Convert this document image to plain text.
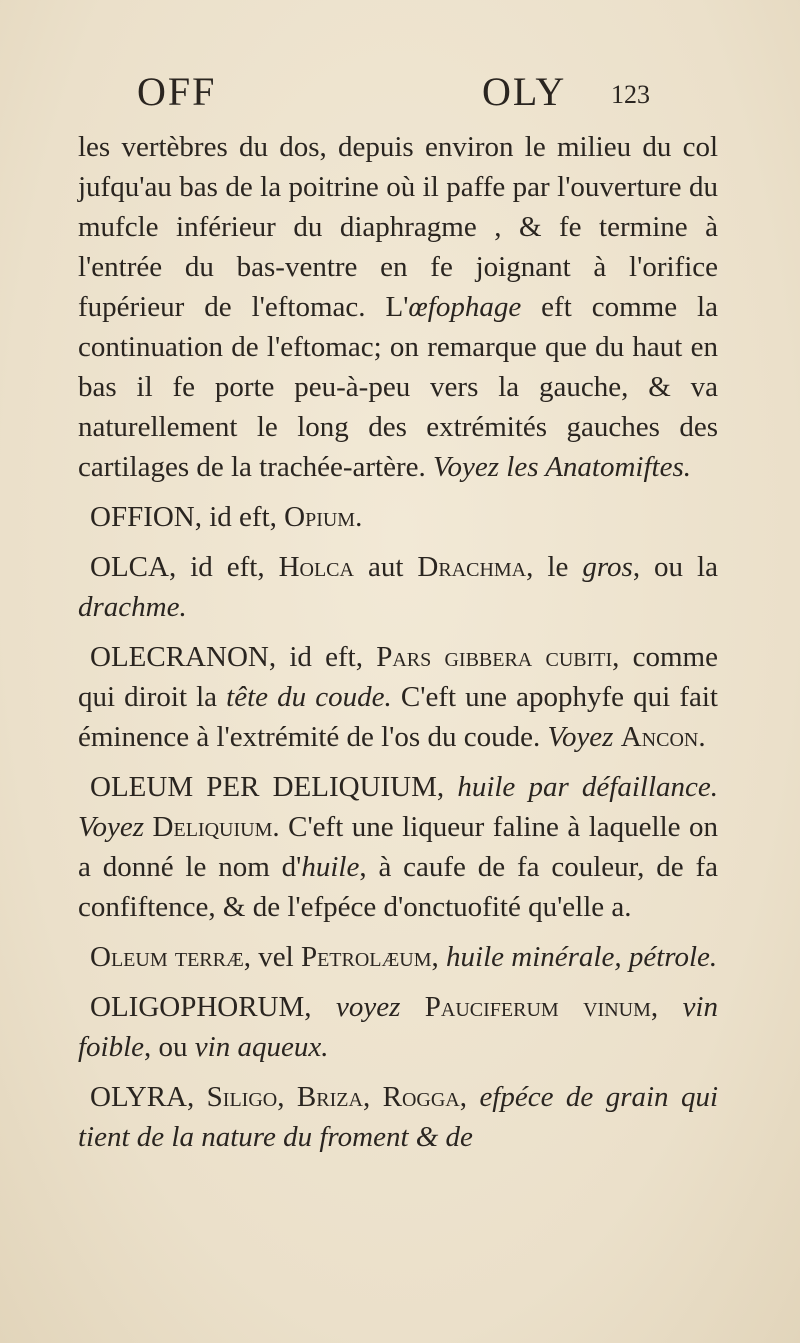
OFF	OLY 123

les vertèbres du dos, depuis environ le milieu du col jufqu'au bas de la poitrine où il paffe par l'ouverture du mufcle inférieur du diaphragme , & fe termine à l'entrée du bas-ventre en fe joignant à l'orifice fupérieur de l'eftomac. L'œfophage eft comme la continuation de l'eftomac; on remarque que du haut en bas il fe porte peu-à-peu vers la gauche, & va naturellement le long des extrémités gauches des cartilages de la trachée-artère. Voyez les Anatomiftes.

OFFION, id eft, Opium.

OLCA, id eft, Holca aut Drachma, le gros, ou la drachme.

OLECRANON, id eft, Pars gibbera cubiti, comme qui diroit la tête du coude. C'eft une apophyfe qui fait éminence à l'extrémité de l'os du coude. Voyez Ancon.

OLEUM PER DELIQUIUM, huile par défaillance. Voyez Deliquium. C'eft une liqueur faline à laquelle on a donné le nom d'huile, à caufe de fa couleur, de fa confiftence, & de l'efpéce d'onctuofité qu'elle a.

Oleum terræ, vel Petrolæum, huile minérale, pétrole.

OLIGOPHORUM, voyez Pauciferum vinum, vin foible, ou vin aqueux.

OLYRA, Siligo, Briza, Rogga, efpéce de grain qui tient de la nature du froment & de
